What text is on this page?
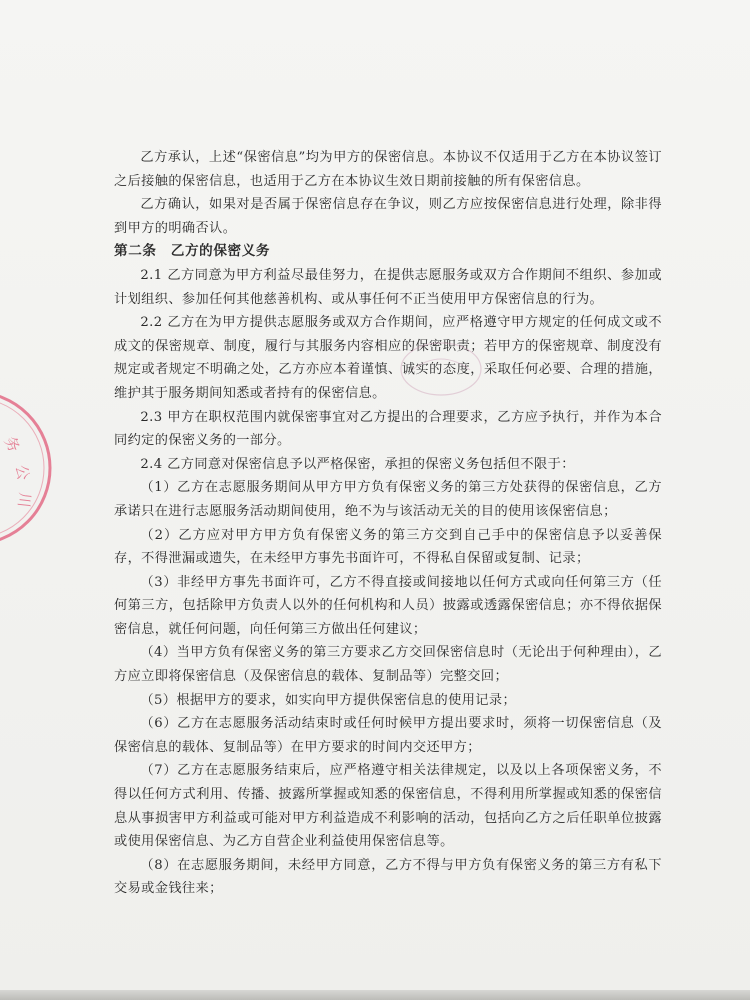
乙方承认，上述“保密信息”均为甲方的保密信息。本协议不仅适用于乙方在本协议签订之后接触的保密信息，也适用于乙方在本协议生效日期前接触的所有保密信息。

乙方确认，如果对是否属于保密信息存在争议，则乙方应按保密信息进行处理，除非得到甲方的明确否认。

第二条　乙方的保密义务

2.1 乙方同意为甲方利益尽最佳努力，在提供志愿服务或双方合作期间不组织、参加或计划组织、参加任何其他慈善机构、或从事任何不正当使用甲方保密信息的行为。

2.2 乙方在为甲方提供志愿服务或双方合作期间，应严格遵守甲方规定的任何成文或不成文的保密规章、制度，履行与其服务内容相应的保密职责；若甲方的保密规章、制度没有规定或者规定不明确之处，乙方亦应本着谨慎、诚实的态度，采取任何必要、合理的措施，维护其于服务期间知悉或者持有的保密信息。

2.3 甲方在职权范围内就保密事宜对乙方提出的合理要求，乙方应予执行，并作为本合同约定的保密义务的一部分。

2.4 乙方同意对保密信息予以严格保密，承担的保密义务包括但不限于：

（1）乙方在志愿服务期间从甲方甲方负有保密义务的第三方处获得的保密信息，乙方承诺只在进行志愿服务活动期间使用，绝不为与该活动无关的目的使用该保密信息；

（2）乙方应对甲方甲方负有保密义务的第三方交到自己手中的保密信息予以妥善保存，不得泄漏或遗失，在未经甲方事先书面许可，不得私自保留或复制、记录；

（3）非经甲方事先书面许可，乙方不得直接或间接地以任何方式或向任何第三方（任何第三方，包括除甲方负责人以外的任何机构和人员）披露或透露保密信息；亦不得依据保密信息，就任何问题，向任何第三方做出任何建议；

（4）当甲方负有保密义务的第三方要求乙方交回保密信息时（无论出于何种理由），乙方应立即将保密信息（及保密信息的载体、复制品等）完整交回；

（5）根据甲方的要求，如实向甲方提供保密信息的使用记录；

（6）乙方在志愿服务活动结束时或任何时候甲方提出要求时，须将一切保密信息（及保密信息的载体、复制品等）在甲方要求的时间内交还甲方；

（7）乙方在志愿服务结束后，应严格遵守相关法律规定，以及以上各项保密义务，不得以任何方式利用、传播、披露所掌握或知悉的保密信息，不得利用所掌握或知悉的保密信息从事损害甲方利益或可能对甲方利益造成不利影响的活动，包括向乙方之后任职单位披露或使用保密信息、为乙方自营企业利益使用保密信息等。

（8）在志愿服务期间，未经甲方同意，乙方不得与甲方负有保密义务的第三方有私下交易或金钱往来；

务
公
川
